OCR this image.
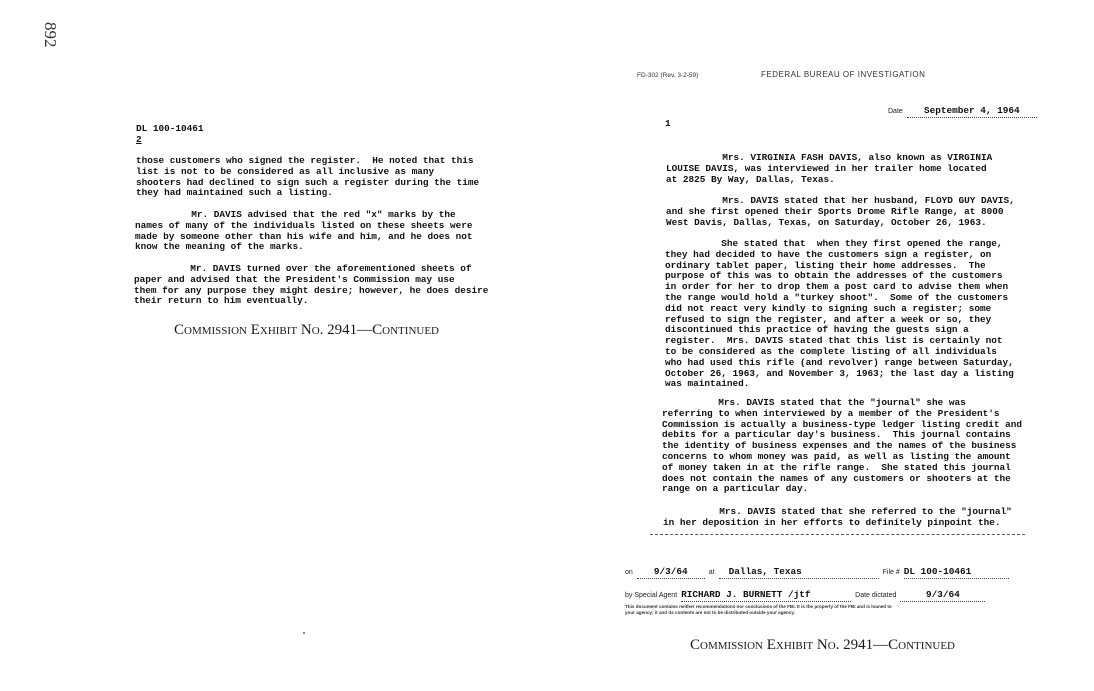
892
DL 100-10461
2
those customers who signed the register.  He noted that this
list is not to be considered as all inclusive as many
shooters had declined to sign such a register during the time
they had maintained such a listing.
Mr. DAVIS advised that the red "x" marks by the
names of many of the individuals listed on these sheets were
made by someone other than his wife and him, and he does not
know the meaning of the marks.
Mr. DAVIS turned over the aforementioned sheets of
paper and advised that the President's Commission may use
them for any purpose they might desire; however, he does desire
their return to him eventually.
Commission Exhibit No. 2941—Continued
FD-302 (Rev. 3-2-59)	FEDERAL BUREAU OF INVESTIGATION
Date September 4, 1964
1
Mrs. VIRGINIA FASH DAVIS, also known as VIRGINIA
LOUISE DAVIS, was interviewed in her trailer home located
at 2825 By Way, Dallas, Texas.
Mrs. DAVIS stated that her husband, FLOYD GUY DAVIS,
and she first opened their Sports Drome Rifle Range, at 8000
West Davis, Dallas, Texas, on Saturday, October 26, 1963.
She stated that  when they first opened the range,
they had decided to have the customers sign a register, on
ordinary tablet paper, listing their home addresses.  The
purpose of this was to obtain the addresses of the customers
in order for her to drop them a post card to advise them when
the range would hold a "turkey shoot".  Some of the customers
did not react very kindly to signing such a register; some
refused to sign the register, and after a week or so, they
discontinued this practice of having the guests sign a
register.  Mrs. DAVIS stated that this list is certainly not
to be considered as the complete listing of all individuals
who had used this rifle (and revolver) range between Saturday,
October 26, 1963, and November 3, 1963; the last day a listing
was maintained.
Mrs. DAVIS stated that the "journal" she was
referring to when interviewed by a member of the President's
Commission is actually a business-type ledger listing credit and
debits for a particular day's business.  This journal contains
the identity of business expenses and the names of the business
concerns to whom money was paid, as well as listing the amount
of money taken in at the rifle range.  She stated this journal
does not contain the names of any customers or shooters at the
range on a particular day.
Mrs. DAVIS stated that she referred to the "journal"
in her deposition in her efforts to definitely pinpoint the.
on 9/3/64	at Dallas, Texas	File # DL 100-10461
by Special Agent RICHARD J. BURNETT /jtf	Date dictated	9/3/64
This document contains neither recommendations nor conclusions of the FBI. It is the property of the FBI and is loaned to
your agency; it and its contents are not to be distributed outside your agency.
Commission Exhibit No. 2941—Continued
